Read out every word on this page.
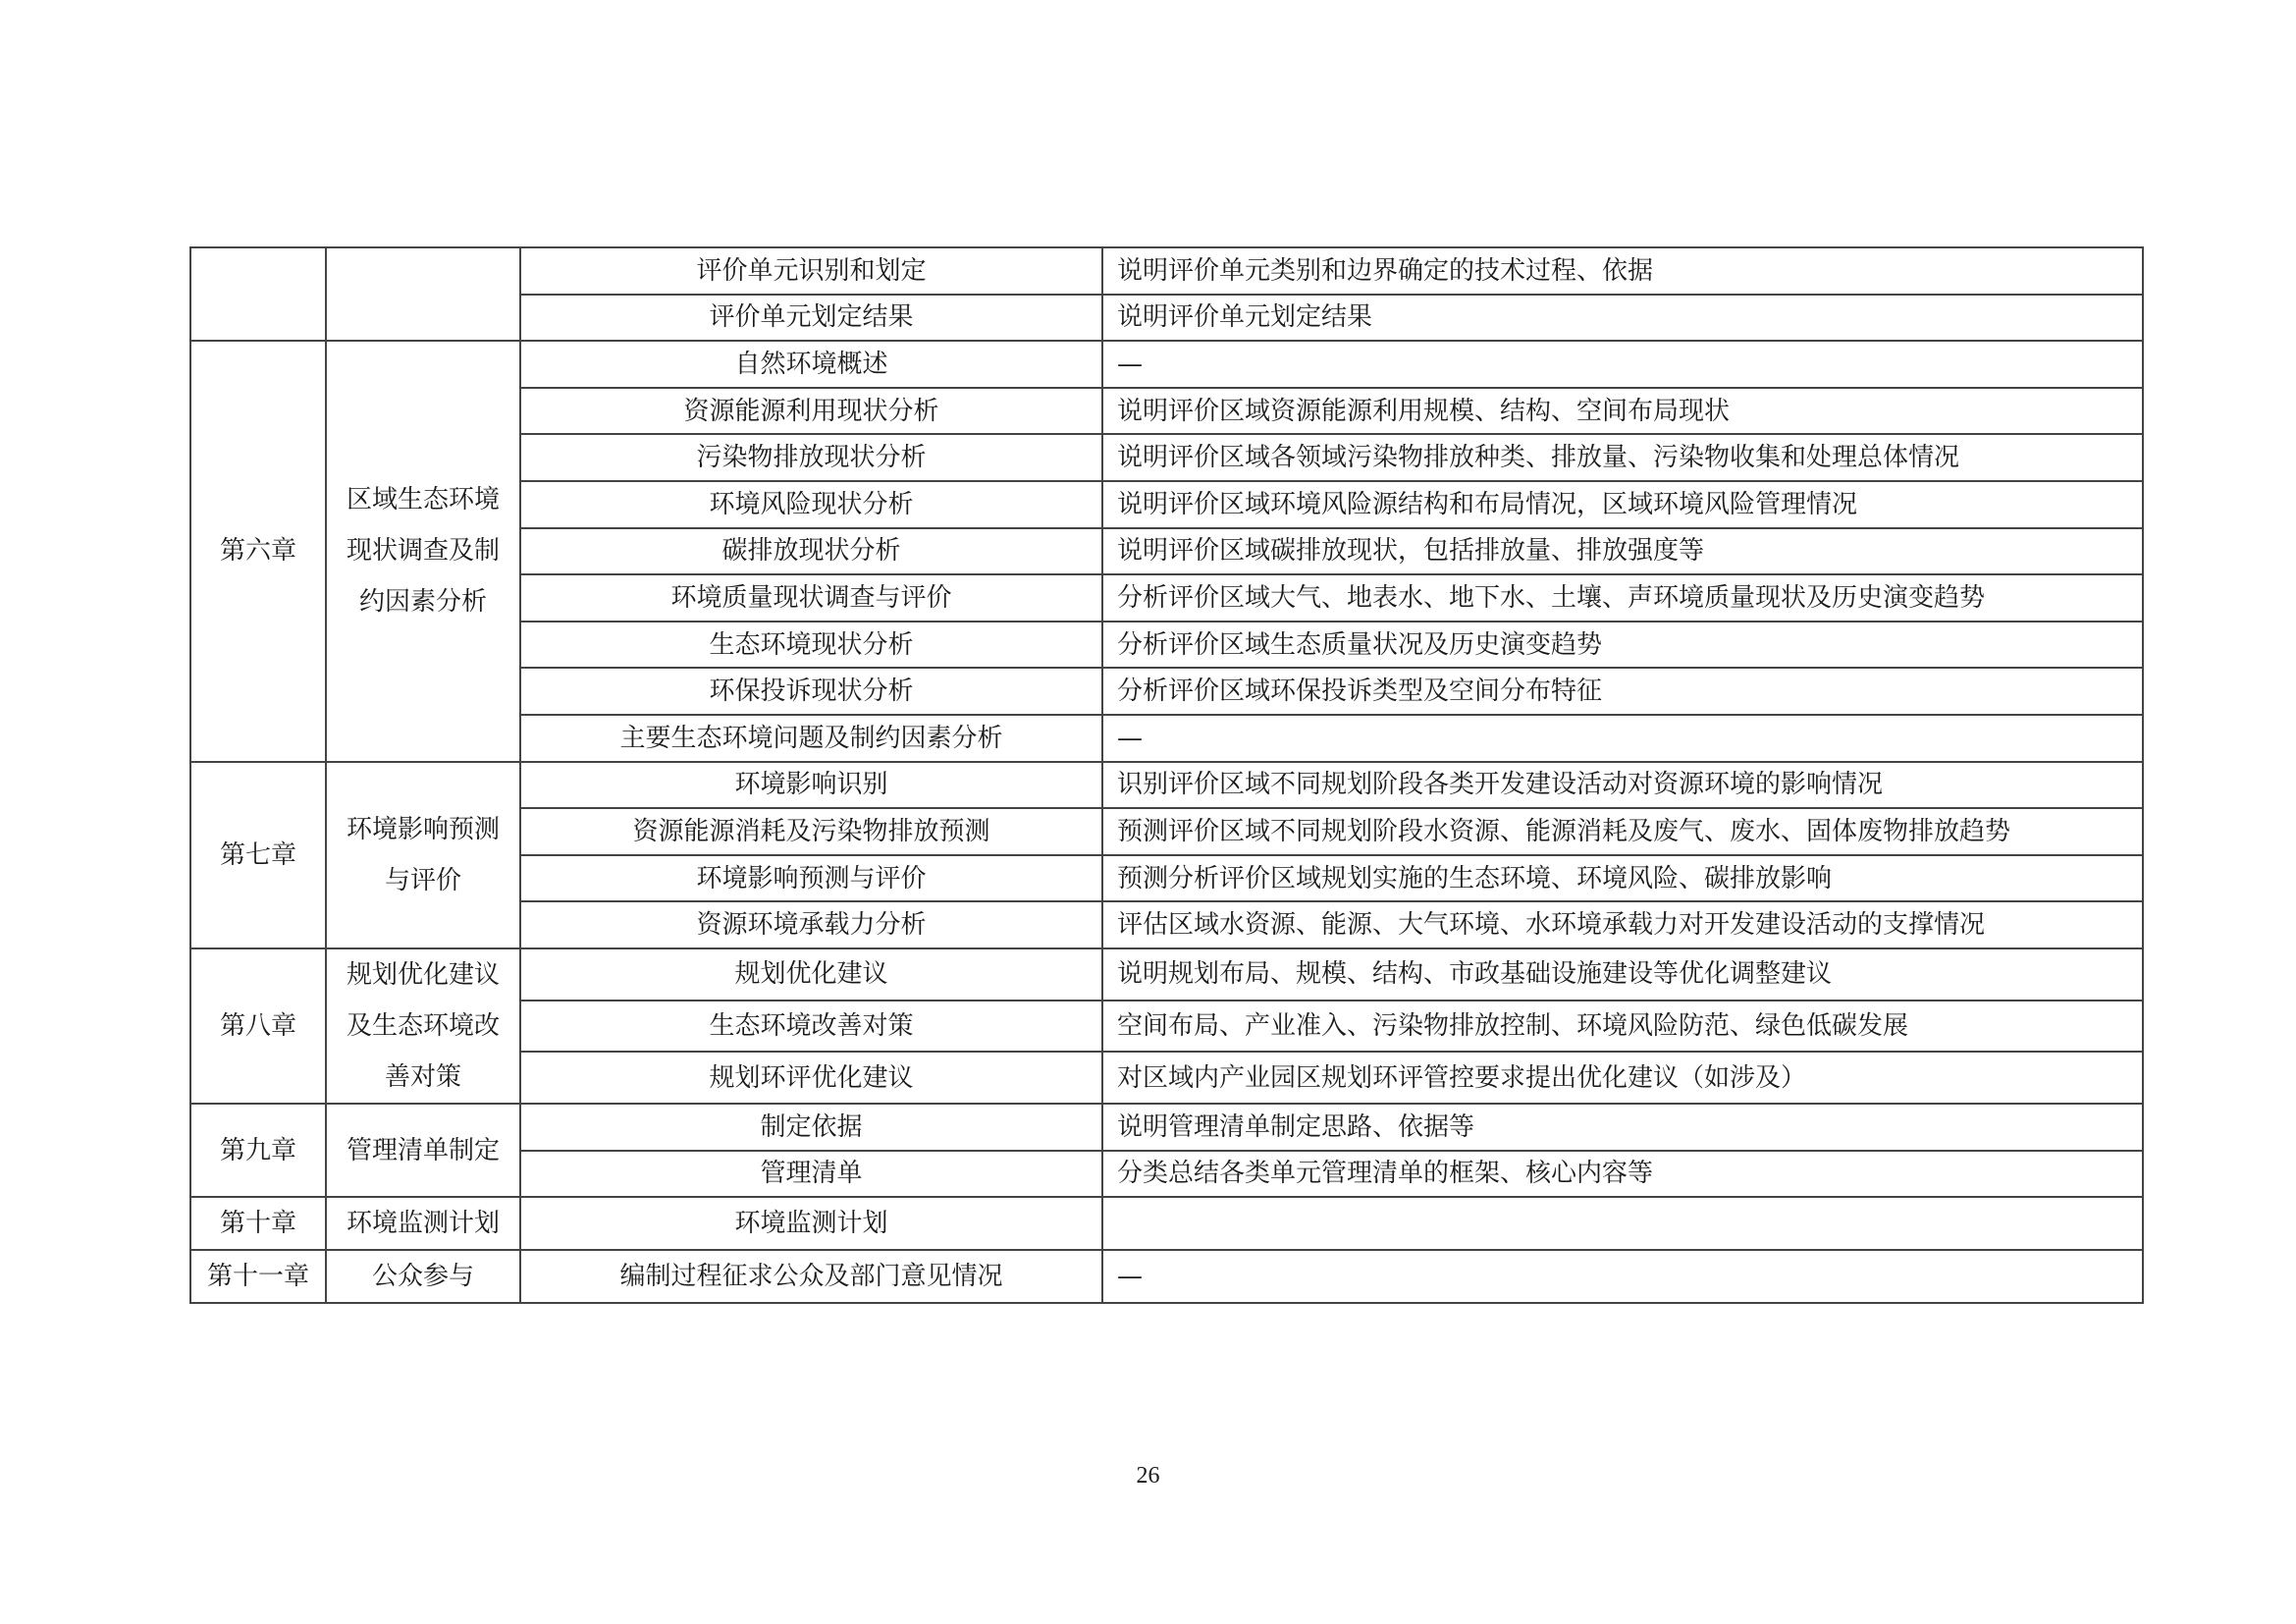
		评价单元识别和划定	说明评价单元类别和边界确定的技术过程、依据
		评价单元划定结果	说明评价单元划定结果
第六章	区域生态环境现状调查及制约因素分析	自然环境概述	—
		资源能源利用现状分析	说明评价区域资源能源利用规模、结构、空间布局现状
		污染物排放现状分析	说明评价区域各领域污染物排放种类、排放量、污染物收集和处理总体情况
		环境风险现状分析	说明评价区域环境风险源结构和布局情况，区域环境风险管理情况
		碳排放现状分析	说明评价区域碳排放现状，包括排放量、排放强度等
		环境质量现状调查与评价	分析评价区域大气、地表水、地下水、土壤、声环境质量现状及历史演变趋势
		生态环境现状分析	分析评价区域生态质量状况及历史演变趋势
		环保投诉现状分析	分析评价区域环保投诉类型及空间分布特征
		主要生态环境问题及制约因素分析	—
第七章	环境影响预测与评价	环境影响识别	识别评价区域不同规划阶段各类开发建设活动对资源环境的影响情况
		资源能源消耗及污染物排放预测	预测评价区域不同规划阶段水资源、能源消耗及废气、废水、固体废物排放趋势
		环境影响预测与评价	预测分析评价区域规划实施的生态环境、环境风险、碳排放影响
		资源环境承载力分析	评估区域水资源、能源、大气环境、水环境承载力对开发建设活动的支撑情况
第八章	规划优化建议及生态环境改善对策	规划优化建议	说明规划布局、规模、结构、市政基础设施建设等优化调整建议
		生态环境改善对策	空间布局、产业准入、污染物排放控制、环境风险防范、绿色低碳发展
		规划环评优化建议	对区域内产业园区规划环评管控要求提出优化建议（如涉及）
第九章	管理清单制定	制定依据	说明管理清单制定思路、依据等
		管理清单	分类总结各类单元管理清单的框架、核心内容等
第十章	环境监测计划	环境监测计划	
第十一章	公众参与	编制过程征求公众及部门意见情况	—
26
